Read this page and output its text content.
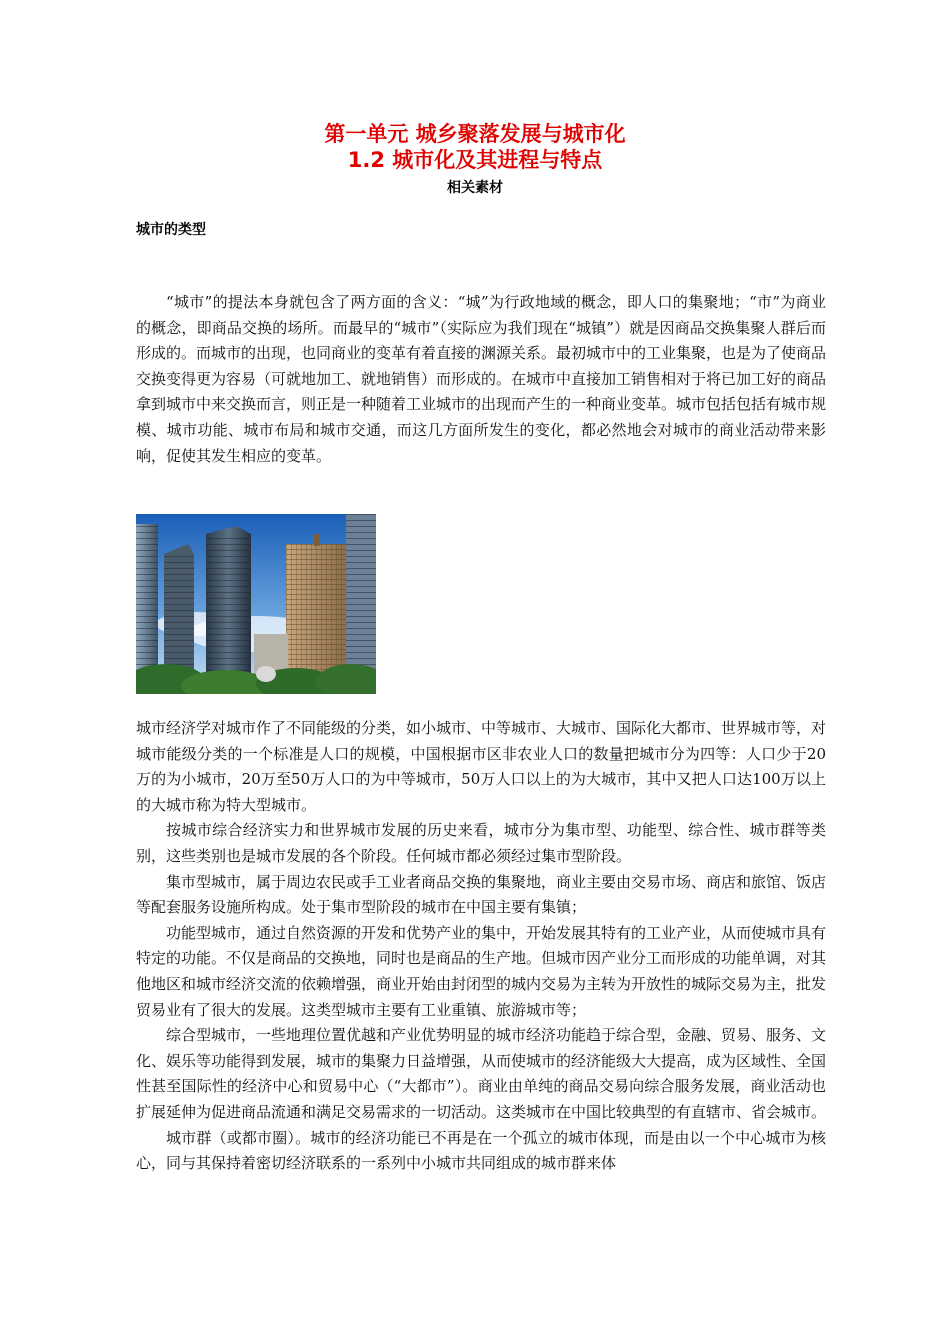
第一单元 城乡聚落发展与城市化
1.2 城市化及其进程与特点
相关素材
城市的类型

“城市”的提法本身就包含了两方面的含义：“城”为行政地域的概念，即人口的集聚地；“市”为商业的概念，即商品交换的场所。而最早的“城市”（实际应为我们现在“城镇”）就是因商品交换集聚人群后而形成的。而城市的出现，也同商业的变革有着直接的渊源关系。最初城市中的工业集聚，也是为了使商品交换变得更为容易（可就地加工、就地销售）而形成的。在城市中直接加工销售相对于将已加工好的商品拿到城市中来交换而言，则正是一种随着工业城市的出现而产生的一种商业变革。城市包括包括有城市规模、城市功能、城市布局和城市交通，而这几方面所发生的变化，都必然地会对城市的商业活动带来影响，促使其发生相应的变革。

城市经济学对城市作了不同能级的分类，如小城市、中等城市、大城市、国际化大都市、世界城市等，对城市能级分类的一个标准是人口的规模，中国根据市区非农业人口的数量把城市分为四等：人口少于20万的为小城市，20万至50万人口的为中等城市，50万人口以上的为大城市，其中又把人口达100万以上的大城市称为特大型城市。

按城市综合经济实力和世界城市发展的历史来看，城市分为集市型、功能型、综合性、城市群等类别，这些类别也是城市发展的各个阶段。任何城市都必须经过集市型阶段。

集市型城市，属于周边农民或手工业者商品交换的集聚地，商业主要由交易市场、商店和旅馆、饭店等配套服务设施所构成。处于集市型阶段的城市在中国主要有集镇；

功能型城市，通过自然资源的开发和优势产业的集中，开始发展其特有的工业产业，从而使城市具有特定的功能。不仅是商品的交换地，同时也是商品的生产地。但城市因产业分工而形成的功能单调，对其他地区和城市经济交流的依赖增强，商业开始由封闭型的城内交易为主转为开放性的城际交易为主，批发贸易业有了很大的发展。这类型城市主要有工业重镇、旅游城市等；

综合型城市，一些地理位置优越和产业优势明显的城市经济功能趋于综合型，金融、贸易、服务、文化、娱乐等功能得到发展，城市的集聚力日益增强，从而使城市的经济能级大大提高，成为区域性、全国性甚至国际性的经济中心和贸易中心（“大都市”）。商业由单纯的商品交易向综合服务发展，商业活动也扩展延伸为促进商品流通和满足交易需求的一切活动。这类城市在中国比较典型的有直辖市、省会城市。

城市群（或都市圈）。城市的经济功能已不再是在一个孤立的城市体现，而是由以一个中心城市为核心，同与其保持着密切经济联系的一系列中小城市共同组成的城市群来体
